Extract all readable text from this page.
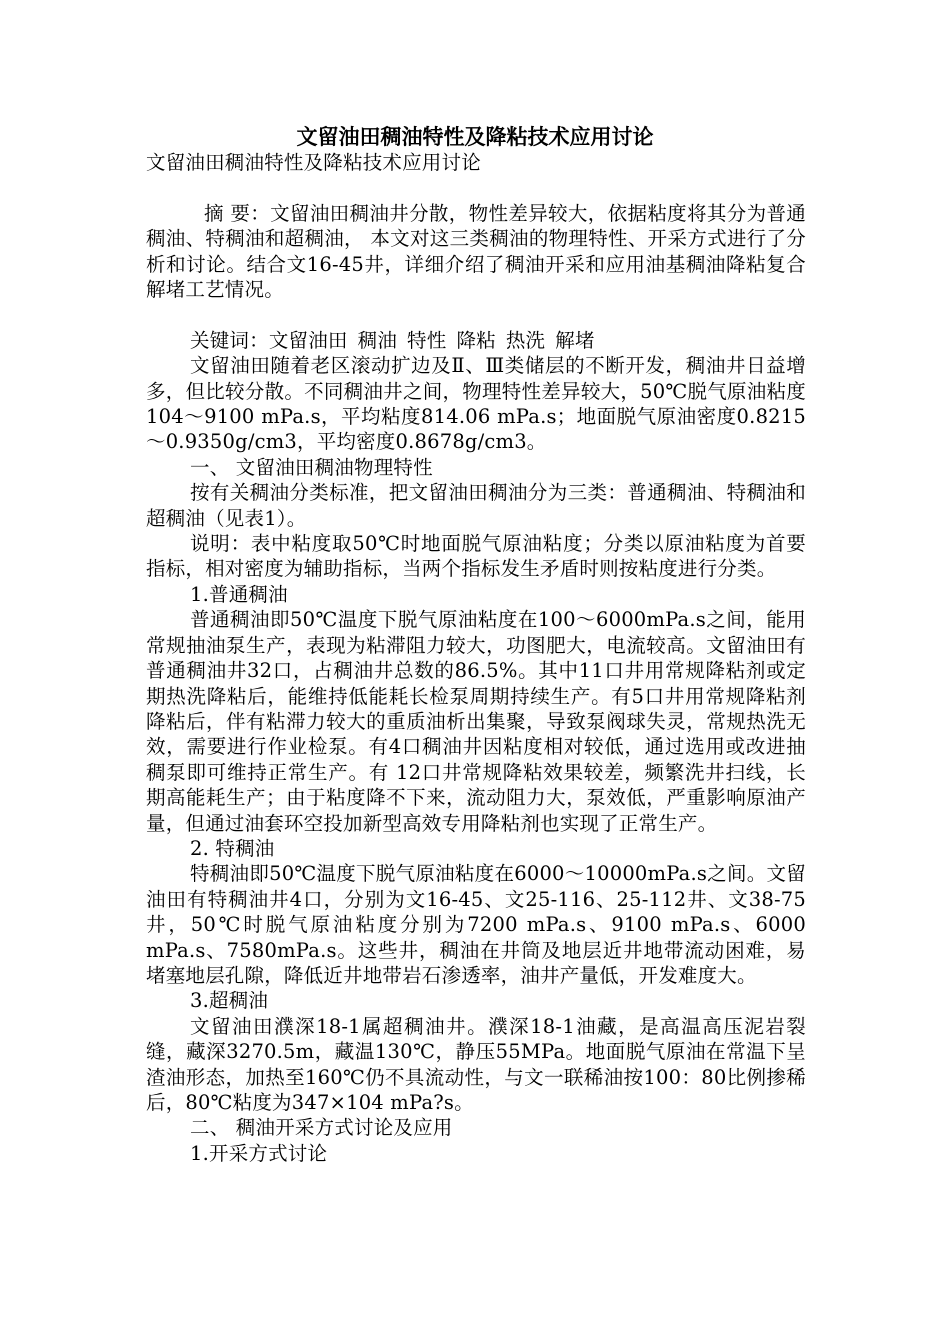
文留油田稠油特性及降粘技术应用讨论

文留油田稠油特性及降粘技术应用讨论

摘 要：文留油田稠油井分散，物性差异较大，依据粘度将其分为普通稠油、特稠油和超稠油， 本文对这三类稠油的物理特性、开采方式进行了分析和讨论。结合文16-45井，详细介绍了稠油开采和应用油基稠油降粘复合解堵工艺情况。

关键词：文留油田 稠油 特性 降粘 热洗 解堵

文留油田随着老区滚动扩边及Ⅱ、Ⅲ类储层的不断开发，稠油井日益增多，但比较分散。不同稠油井之间，物理特性差异较大，50℃脱气原油粘度104～9100 mPa.s，平均粘度814.06 mPa.s；地面脱气原油密度0.8215～0.9350g/cm3，平均密度0.8678g/cm3。

一、 文留油田稠油物理特性

按有关稠油分类标准，把文留油田稠油分为三类：普通稠油、特稠油和超稠油（见表1）。

说明：表中粘度取50℃时地面脱气原油粘度；分类以原油粘度为首要指标，相对密度为辅助指标，当两个指标发生矛盾时则按粘度进行分类。

1.普通稠油

普通稠油即50℃温度下脱气原油粘度在100～6000mPa.s之间，能用常规抽油泵生产，表现为粘滞阻力较大，功图肥大，电流较高。文留油田有普通稠油井32口，占稠油井总数的86.5%。其中11口井用常规降粘剂或定期热洗降粘后，能维持低能耗长检泵周期持续生产。有5口井用常规降粘剂降粘后，伴有粘滞力较大的重质油析出集聚，导致泵阀球失灵，常规热洗无效，需要进行作业检泵。有4口稠油井因粘度相对较低，通过选用或改进抽稠泵即可维持正常生产。有 12口井常规降粘效果较差，频繁洗井扫线，长期高能耗生产；由于粘度降不下来，流动阻力大，泵效低，严重影响原油产量，但通过油套环空投加新型高效专用降粘剂也实现了正常生产。

2. 特稠油

特稠油即50℃温度下脱气原油粘度在6000～10000mPa.s之间。文留油田有特稠油井4口，分别为文16-45、文25-116、25-112井、文38-75井，50℃时脱气原油粘度分别为7200 mPa.s、9100 mPa.s、6000 mPa.s、7580mPa.s。这些井，稠油在井筒及地层近井地带流动困难，易堵塞地层孔隙，降低近井地带岩石渗透率，油井产量低，开发难度大。

3.超稠油

文留油田濮深18-1属超稠油井。濮深18-1油藏，是高温高压泥岩裂缝，藏深3270.5m，藏温130℃，静压55MPa。地面脱气原油在常温下呈渣油形态，加热至160℃仍不具流动性，与文一联稀油按100：80比例掺稀后，80℃粘度为347×104 mPa?s。

二、 稠油开采方式讨论及应用

1.开采方式讨论
